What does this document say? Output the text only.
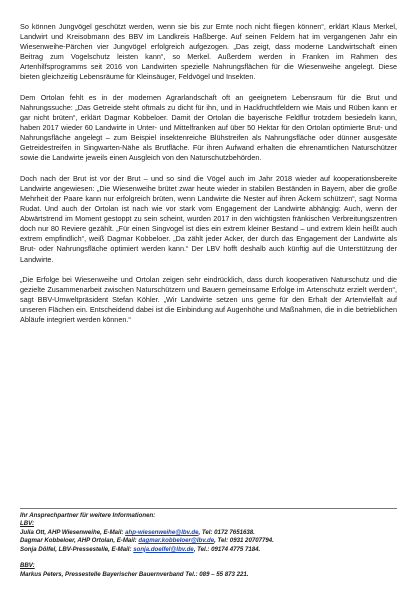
So können Jungvögel geschützt werden, wenn sie bis zur Ernte noch nicht fliegen können“, erklärt Klaus Merkel, Landwirt und Kreisobmann des BBV im Landkreis Haßberge. Auf seinen Feldern hat im vergangenen Jahr ein Wiesenweihe-Pärchen vier Jungvögel erfolgreich aufgezogen. „Das zeigt, dass moderne Landwirtschaft einen Beitrag zum Vogelschutz leisten kann“, so Merkel. Außerdem werden in Franken im Rahmen des Artenhilfsprogramms seit 2016 von Landwirten spezielle Nahrungsflächen für die Wiesenweihe angelegt. Diese bieten gleichzeitig Lebensräume für Kleinsäuger, Feldvögel und Insekten.

Dem Ortolan fehlt es in der modernen Agrarlandschaft oft an geeignetem Lebensraum für die Brut und Nahrungssuche: „Das Getreide steht oftmals zu dicht für ihn, und in Hackfruchtfeldern wie Mais und Rüben kann er gar nicht brüten“, erklärt Dagmar Kobbeloer. Damit der Ortolan die bayerische Feldflur trotzdem besiedeln kann, haben 2017 wieder 60 Landwirte in Unter- und Mittelfranken auf über 50 Hektar für den Ortolan optimierte Brut- und Nahrungsfläche angelegt – zum Beispiel insektenreiche Blühstreifen als Nahrungsfläche oder dünner ausgesäte Getreidestreifen in Singwarten-Nähe als Brutfläche. Für ihren Aufwand erhalten die ehrenamtlichen Naturschützer sowie die Landwirte jeweils einen Ausgleich von den Naturschutzbehörden.

Doch nach der Brut ist vor der Brut – und so sind die Vögel auch im Jahr 2018 wieder auf kooperationsbereite Landwirte angewiesen: „Die Wiesenweihe brütet zwar heute wieder in stabilen Beständen in Bayern, aber die große Mehrheit der Paare kann nur erfolgreich brüten, wenn Landwirte die Nester auf ihren Äckern schützen“, sagt Norma Rudat. Und auch der Ortolan ist nach wie vor stark vom Engagement der Landwirte abhängig: Auch, wenn der Abwärtstrend im Moment gestoppt zu sein scheint, wurden 2017 in den wichtigsten fränkischen Verbreitungszentren doch nur 80 Reviere gezählt. „Für einen Singvogel ist dies ein extrem kleiner Bestand – und extrem klein heißt auch extrem empfindlich“, weiß Dagmar Kobbeloer. „Da zählt jeder Acker, der durch das Engagement der Landwirte als Brut- oder Nahrungsfläche optimiert werden kann.“ Der LBV hofft deshalb auch künftig auf die Unterstützung der Landwirte.

„Die Erfolge bei Wiesenweihe und Ortolan zeigen sehr eindrücklich, dass durch kooperativen Naturschutz und die gezielte Zusammenarbeit zwischen Naturschützern und Bauern gemeinsame Erfolge im Artenschutz erzielt werden“, sagt BBV-Umweltpräsident Stefan Köhler. „Wir Landwirte setzen uns gerne für den Erhalt der Artenvielfalt auf unseren Flächen ein. Entscheidend dabei ist die Einbindung auf Augenhöhe und Maßnahmen, die in die betrieblichen Abläufe integriert werden können.“

Ihr Ansprechpartner für weitere Informationen:
LBV:
Julia Ott, AHP Wiesenweihe, E-Mail: ahp-wiesenweihe@lbv.de, Tel: 0172 7651638.
Dagmar Kobbeloer, AHP Ortolan, E-Mail: dagmar.kobbeloer@lbv.de, Tel: 0931 20707794.
Sonja Dölfel, LBV-Pressestelle, E-Mail: sonja.doelfel@lbv.de, Tel.: 09174 4775 7184.
BBV:
Markus Peters, Pressestelle Bayerischer Bauernverband Tel.: 089 – 55 873 221.
